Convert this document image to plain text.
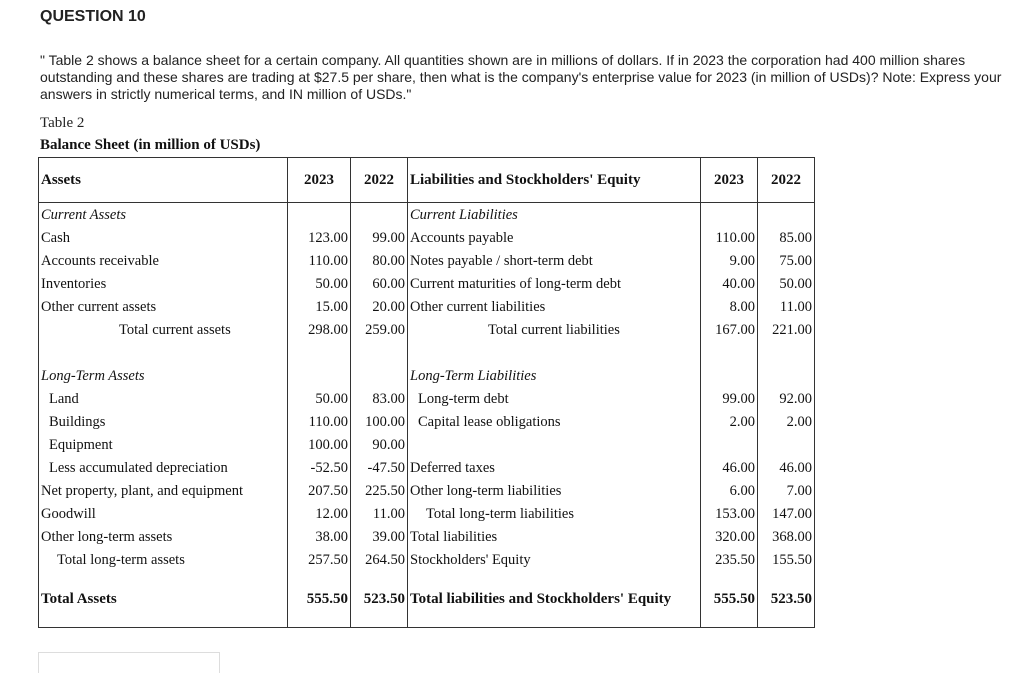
QUESTION 10
" Table 2 shows a balance sheet for a certain company. All quantities shown are in millions of dollars. If in 2023 the corporation had 400 million shares outstanding and these shares are trading at $27.5 per share, then what is the company's enterprise value for 2023 (in million of USDs)? Note: Express your answers in strictly numerical terms, and IN million of USDs."
Table 2
Balance Sheet (in million of USDs)
Assets	2023	2022	Liabilities and Stockholders' Equity	2023	2022
Current Assets			Current Liabilities		
Cash	123.00	99.00	Accounts payable	110.00	85.00
Accounts receivable	110.00	80.00	Notes payable / short-term debt	9.00	75.00
Inventories	50.00	60.00	Current maturities of long-term debt	40.00	50.00
Other current assets	15.00	20.00	Other current liabilities	8.00	11.00
Total current assets	298.00	259.00	Total current liabilities	167.00	221.00

Long-Term Assets			Long-Term Liabilities		
Land	50.00	83.00	Long-term debt	99.00	92.00
Buildings	110.00	100.00	Capital lease obligations	2.00	2.00
Equipment	100.00	90.00			
Less accumulated depreciation	-52.50	-47.50	Deferred taxes	46.00	46.00
Net property, plant, and equipment	207.50	225.50	Other long-term liabilities	6.00	7.00
Goodwill	12.00	11.00	Total long-term liabilities	153.00	147.00
Other long-term assets	38.00	39.00	Total liabilities	320.00	368.00
Total long-term assets	257.50	264.50	Stockholders' Equity	235.50	155.50
Total Assets	555.50	523.50	Total liabilities and Stockholders' Equity	555.50	523.50
